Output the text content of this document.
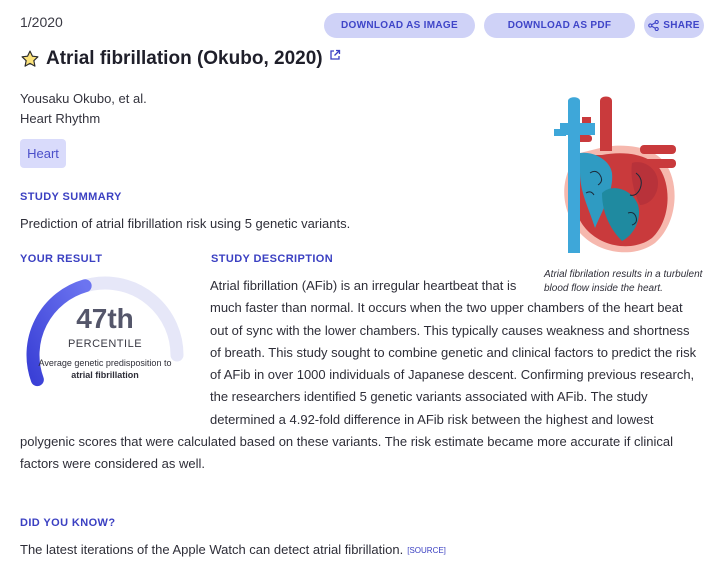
1/2020	DOWNLOAD AS IMAGE	DOWNLOAD AS PDF	SHARE
Atrial fibrillation (Okubo, 2020)
Yousaku Okubo, et al.
Heart Rhythm
Heart
STUDY SUMMARY
Prediction of atrial fibrillation risk using 5 genetic variants.
YOUR RESULT	STUDY DESCRIPTION
Atrial fibrillation (AFib) is an irregular heartbeat that is much faster than normal. It occurs when the two upper chambers of the heart beat out of sync with the lower chambers. This typically causes weakness and shortness of breath. This study sought to combine genetic and clinical factors to predict the risk of AFib in over 1000 individuals of Japanese descent. Confirming previous research, the researchers identified 5 genetic variants associated with AFib. The study determined a 4.92-fold difference in AFib risk between the highest and lowest polygenic scores that were calculated based on these variants. The risk estimate became more accurate if clinical factors were considered as well.
47th
PERCENTILE
Average genetic predisposition to atrial fibrillation
Atrial fibrilation results in a turbulent blood flow inside the heart.
DID YOU KNOW?
The latest iterations of the Apple Watch can detect atrial fibrillation. [SOURCE]
